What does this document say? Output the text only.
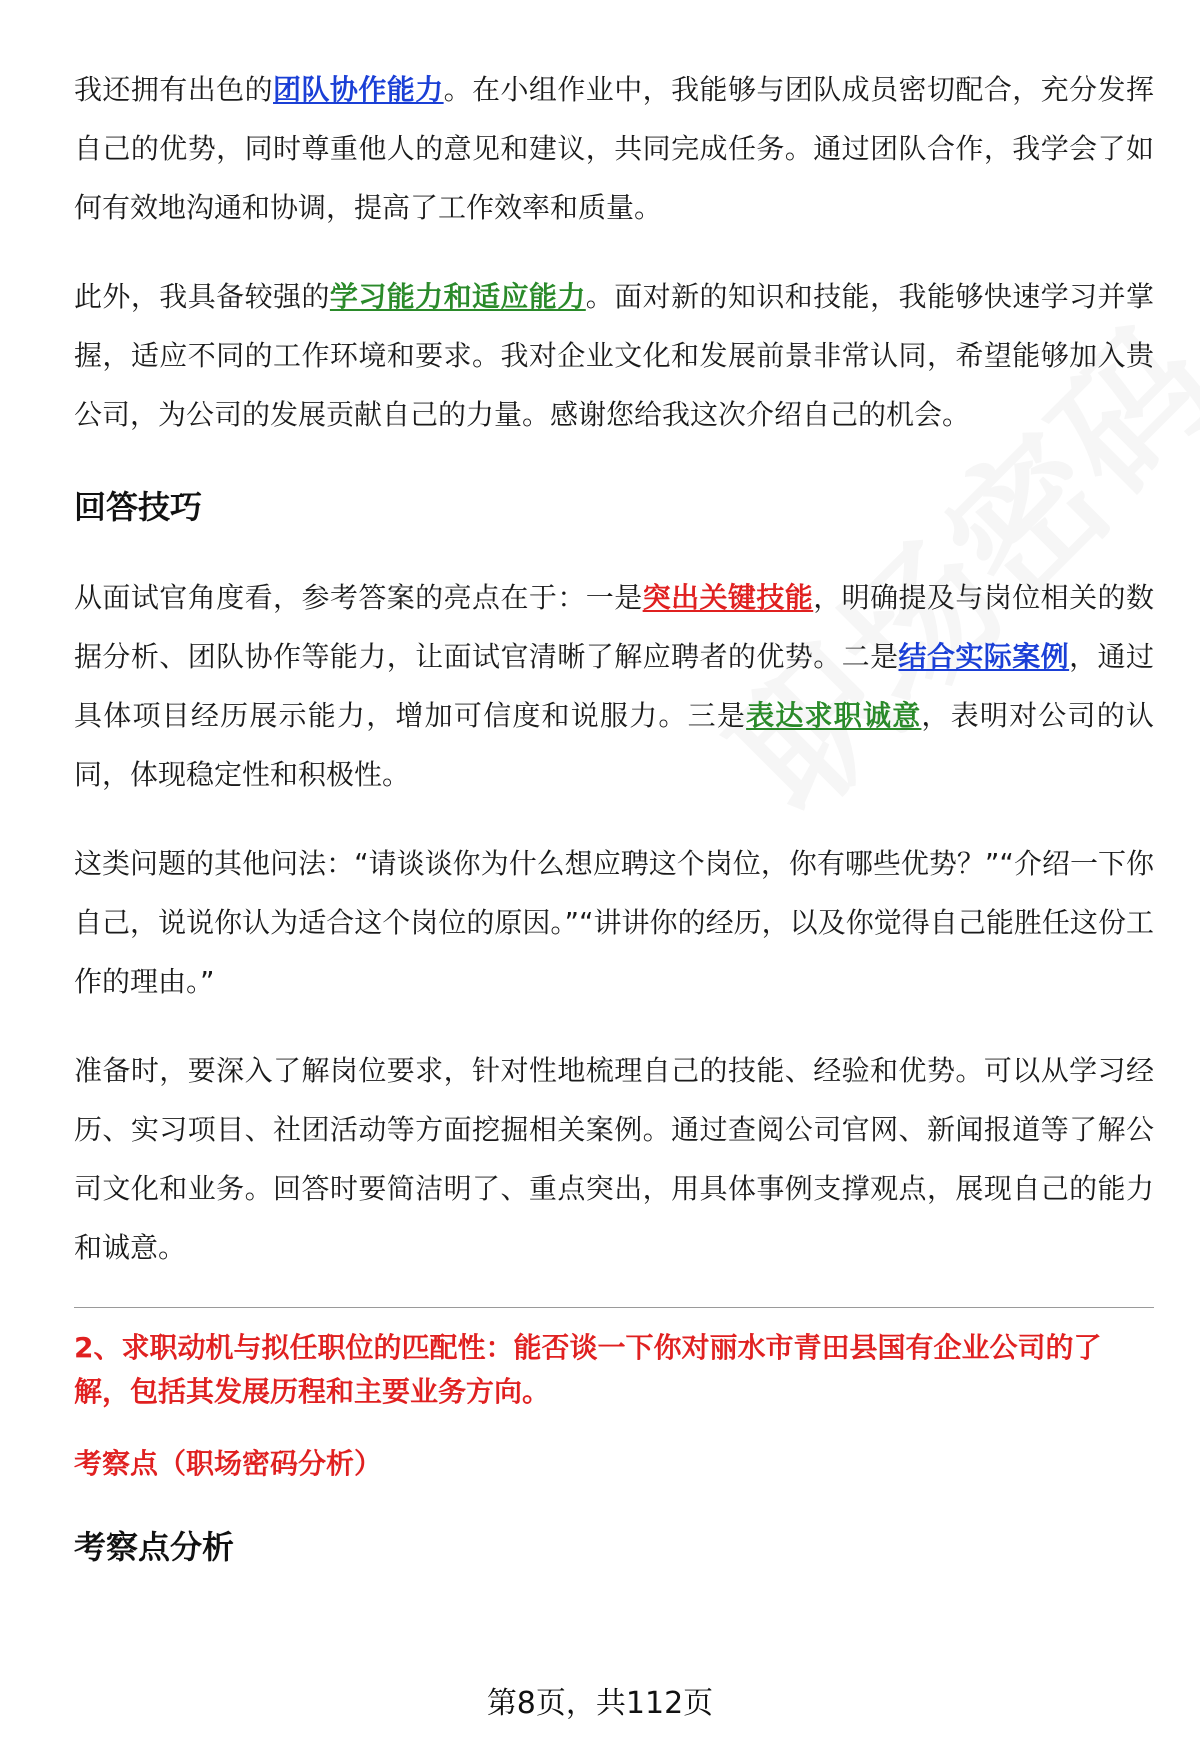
我还拥有出色的团队协作能力。在小组作业中，我能够与团队成员密切配合，充分发挥自己的优势，同时尊重他人的意见和建议，共同完成任务。通过团队合作，我学会了如何有效地沟通和协调，提高了工作效率和质量。

此外，我具备较强的学习能力和适应能力。面对新的知识和技能，我能够快速学习并掌握，适应不同的工作环境和要求。我对企业文化和发展前景非常认同，希望能够加入贵公司，为公司的发展贡献自己的力量。感谢您给我这次介绍自己的机会。

回答技巧

从面试官角度看，参考答案的亮点在于：一是突出关键技能，明确提及与岗位相关的数据分析、团队协作等能力，让面试官清晰了解应聘者的优势。二是结合实际案例，通过具体项目经历展示能力，增加可信度和说服力。三是表达求职诚意，表明对公司的认同，体现稳定性和积极性。

这类问题的其他问法：“请谈谈你为什么想应聘这个岗位，你有哪些优势？”“介绍一下你自己，说说你认为适合这个岗位的原因。”“讲讲你的经历，以及你觉得自己能胜任这份工作的理由。”

准备时，要深入了解岗位要求，针对性地梳理自己的技能、经验和优势。可以从学习经历、实习项目、社团活动等方面挖掘相关案例。通过查阅公司官网、新闻报道等了解公司文化和业务。回答时要简洁明了、重点突出，用具体事例支撑观点，展现自己的能力和诚意。

2、求职动机与拟任职位的匹配性：能否谈一下你对丽水市青田县国有企业公司的了解，包括其发展历程和主要业务方向。
考察点（职场密码分析）
考察点分析
第8页，共112页
